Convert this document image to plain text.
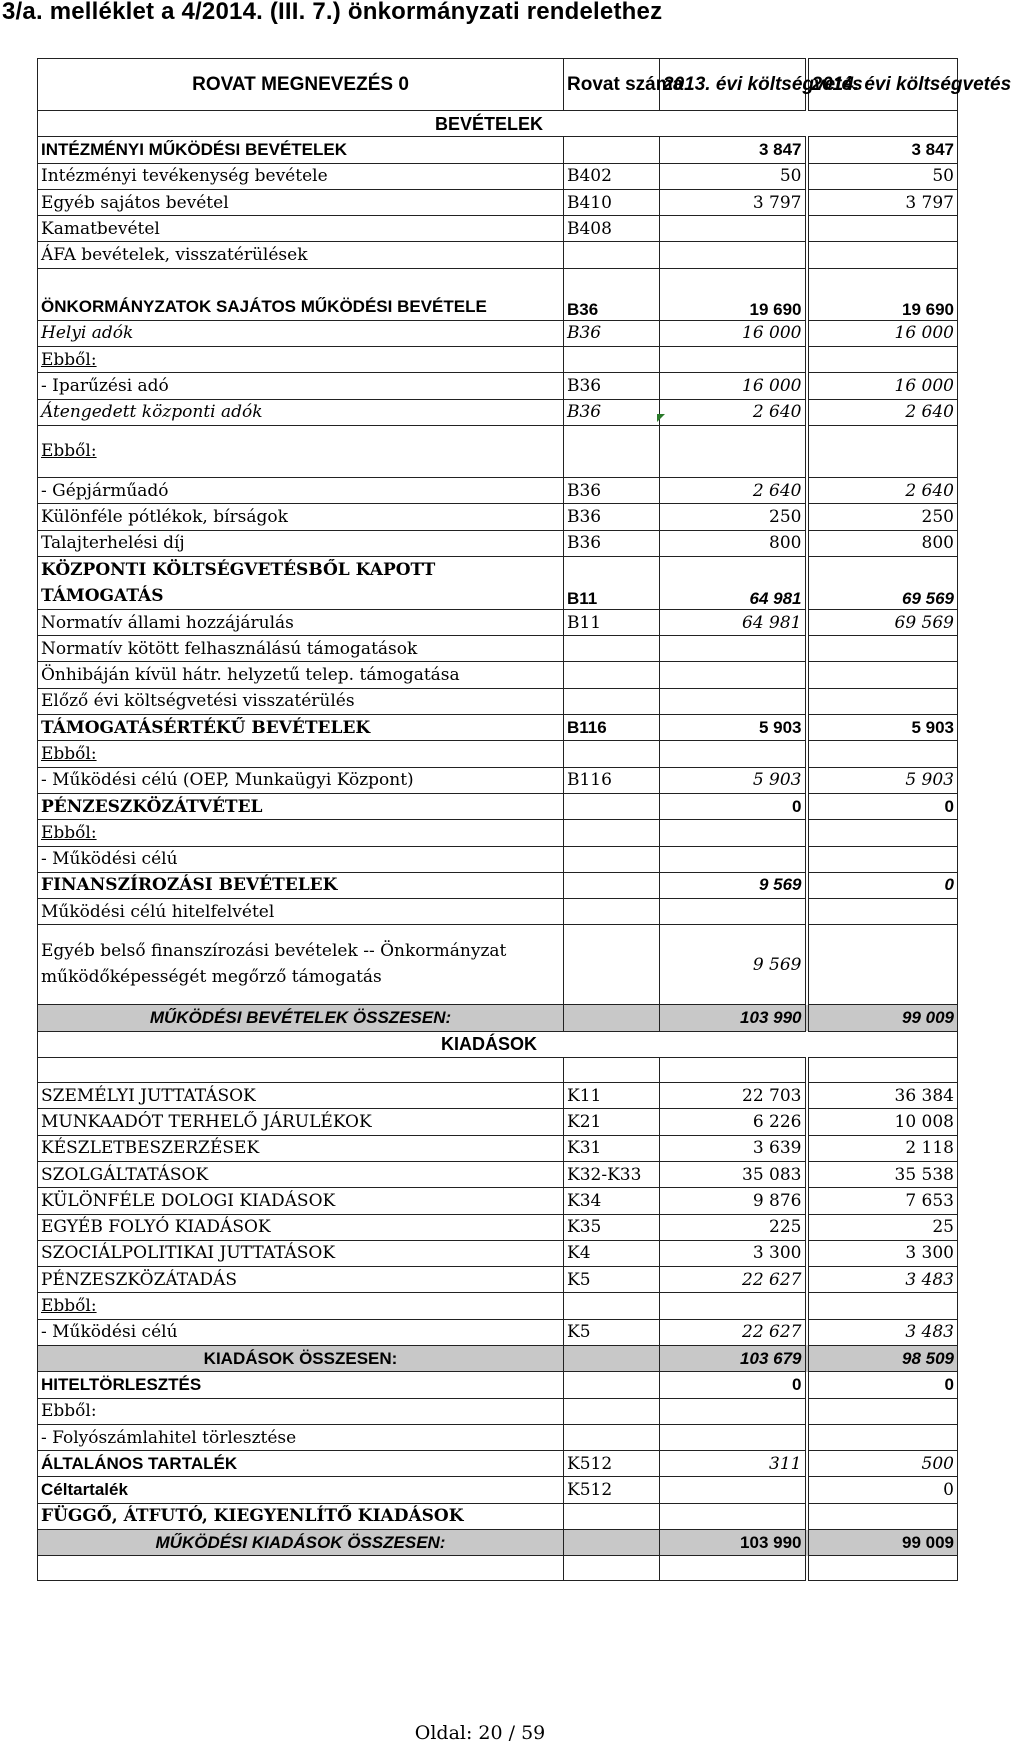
3/a. melléklet a 4/2014. (III. 7.) önkormányzati rendelethez
ROVAT MEGNEVEZÉS 0	Rovat száma	2013. évi költségvetés	2014. évi költségvetés
BEVÉTELEK			
INTÉZMÉNYI MŰKÖDÉSI BEVÉTELEK		3 847	3 847
Intézményi tevékenység bevétele	B402	50	50
Egyéb sajátos bevétel	B410	3 797	3 797
Kamatbevétel	B408		
ÁFA bevételek, visszatérülések			
ÖNKORMÁNYZATOK SAJÁTOS MŰKÖDÉSI BEVÉTELE	B36	19 690	19 690
Helyi adók	B36	16 000	16 000
Ebből:			
- Iparűzési adó	B36	16 000	16 000
Átengedett központi adók	B36	2 640	2 640
Ebből:			
- Gépjárműadó	B36	2 640	2 640
Különféle pótlékok, bírságok	B36	250	250
Talajterhelési díj	B36	800	800
KÖZPONTI KÖLTSÉGVETÉSBŐL KAPOTT TÁMOGATÁS	B11	64 981	69 569
Normatív állami hozzájárulás	B11	64 981	69 569
Normatív kötött felhasználású támogatások			
Önhibáján kívül hátr. helyzetű telep. támogatása			
Előző évi költségvetési visszatérülés			
TÁMOGATÁSÉRTÉKŰ BEVÉTELEK	B116	5 903	5 903
Ebből:			
- Működési célú (OEP, Munkaügyi Központ)	B116	5 903	5 903
PÉNZESZKÖZÁTVÉTEL		0	0
Ebből:			
- Működési célú			
FINANSZÍROZÁSI BEVÉTELEK		9 569	0
Működési célú hitelfelvétel			
Egyéb belső finanszírozási bevételek -- Önkormányzat működőképességét megőrző támogatás		9 569	
MŰKÖDÉSI BEVÉTELEK ÖSSZESEN:		103 990	99 009
KIADÁSOK			

SZEMÉLYI JUTTATÁSOK	K11	22 703	36 384
MUNKAADÓT TERHELŐ JÁRULÉKOK	K21	6 226	10 008
KÉSZLETBESZERZÉSEK	K31	3 639	2 118
SZOLGÁLTATÁSOK	K32-K33	35 083	35 538
KÜLÖNFÉLE DOLOGI KIADÁSOK	K34	9 876	7 653
EGYÉB FOLYÓ KIADÁSOK	K35	225	25
SZOCIÁLPOLITIKAI JUTTATÁSOK	K4	3 300	3 300
PÉNZESZKÖZÁTADÁS	K5	22 627	3 483
Ebből:			
- Működési célú	K5	22 627	3 483
KIADÁSOK ÖSSZESEN:		103 679	98 509
HITELTÖRLESZTÉS		0	0
Ebből:			
- Folyószámlahitel törlesztése			
ÁLTALÁNOS TARTALÉK	K512	311	500
Céltartalék	K512		0
FÜGGŐ, ÁTFUTÓ, KIEGYENLÍTŐ KIADÁSOK			
MŰKÖDÉSI KIADÁSOK ÖSSZESEN:		103 990	99 009

Oldal: 20 / 59
